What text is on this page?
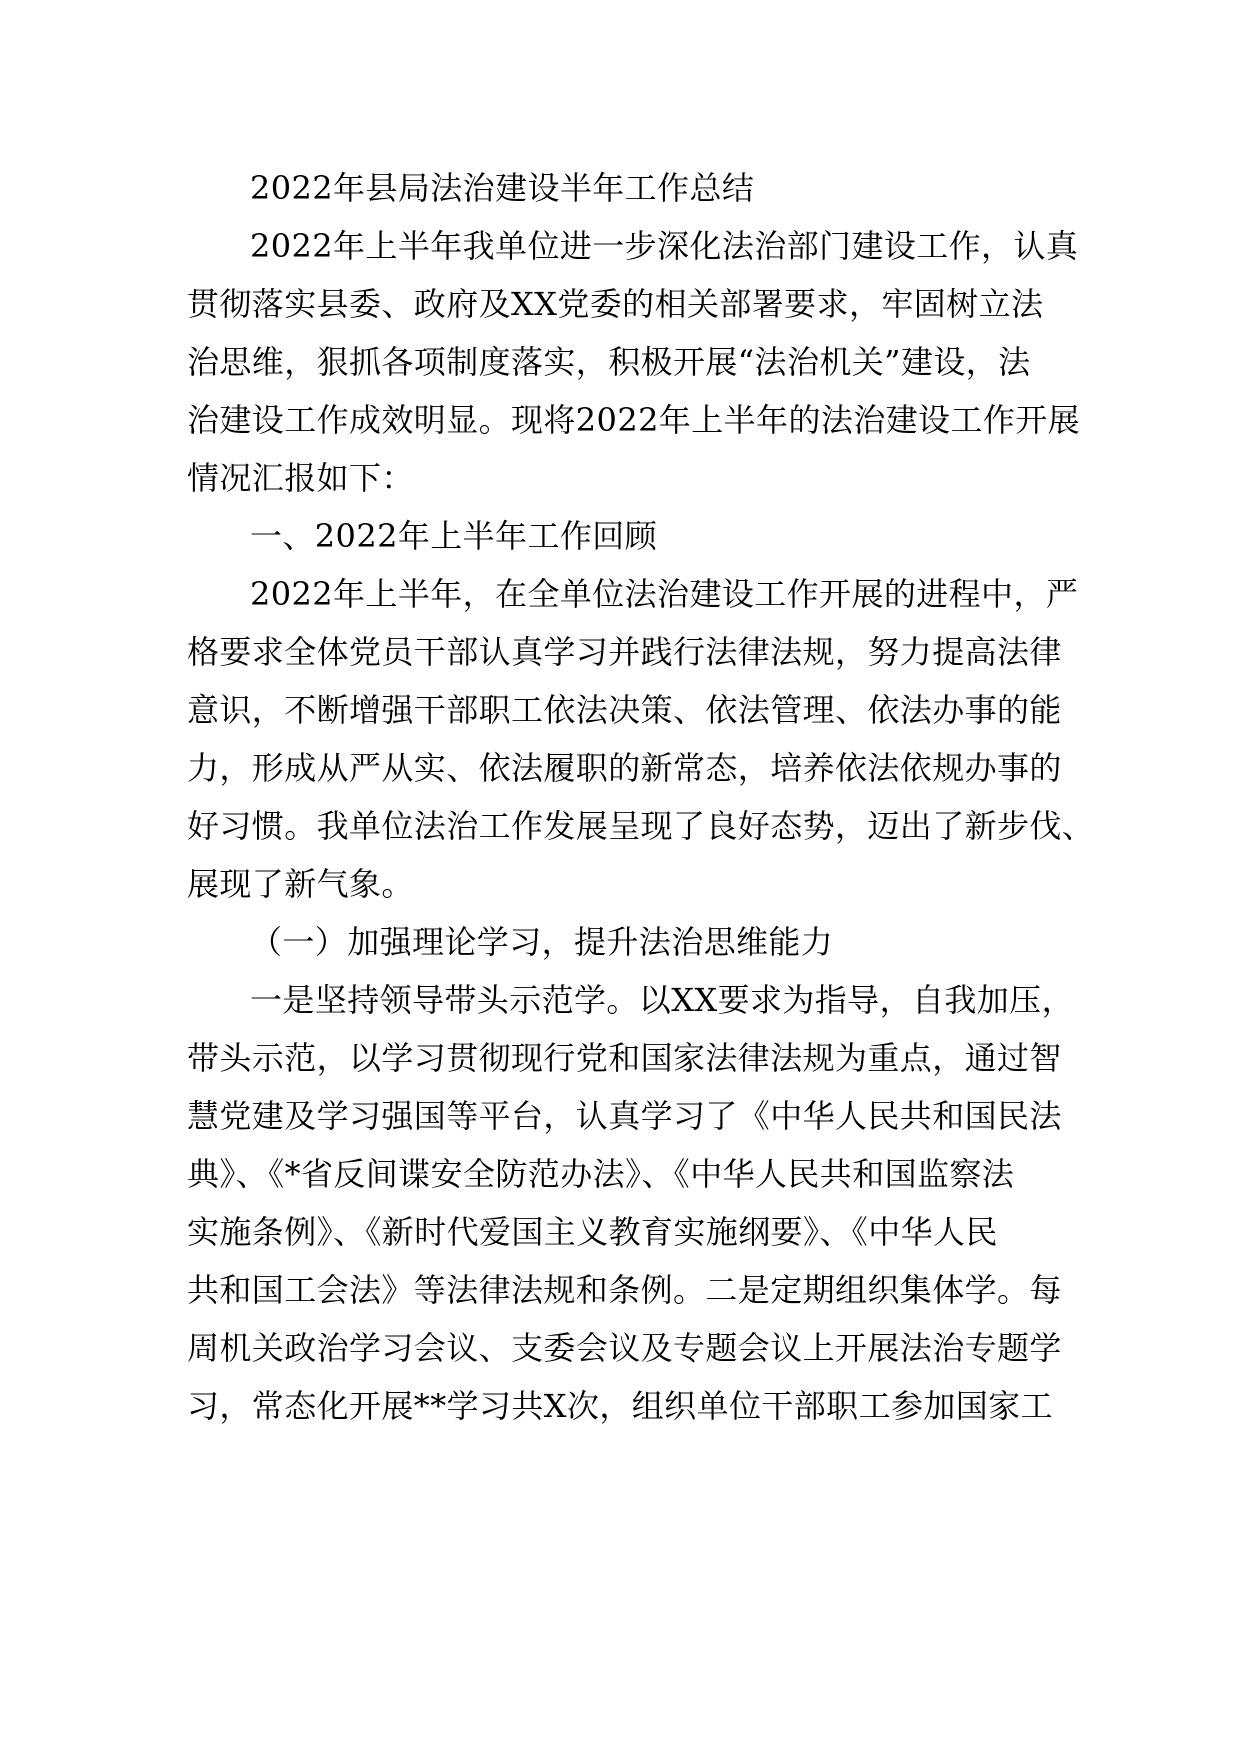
2022年县局法治建设半年工作总结
2022年上半年我单位进一步深化法治部门建设工作，认真
贯彻落实县委、政府及XX党委的相关部署要求，牢固树立法
治思维，狠抓各项制度落实，积极开展“法治机关”建设，法
治建设工作成效明显。现将2022年上半年的法治建设工作开展
情况汇报如下：
一、2022年上半年工作回顾
2022年上半年，在全单位法治建设工作开展的进程中，严
格要求全体党员干部认真学习并践行法律法规，努力提高法律
意识，不断增强干部职工依法决策、依法管理、依法办事的能
力，形成从严从实、依法履职的新常态，培养依法依规办事的
好习惯。我单位法治工作发展呈现了良好态势，迈出了新步伐、
展现了新气象。
（一）加强理论学习，提升法治思维能力
一是坚持领导带头示范学。以XX要求为指导，自我加压，
带头示范，以学习贯彻现行党和国家法律法规为重点，通过智
慧党建及学习强国等平台，认真学习了《中华人民共和国民法
典》、《*省反间谍安全防范办法》、《中华人民共和国监察法
实施条例》、《新时代爱国主义教育实施纲要》、《中华人民
共和国工会法》等法律法规和条例。二是定期组织集体学。每
周机关政治学习会议、支委会议及专题会议上开展法治专题学
习，常态化开展**学习共X次，组织单位干部职工参加国家工
